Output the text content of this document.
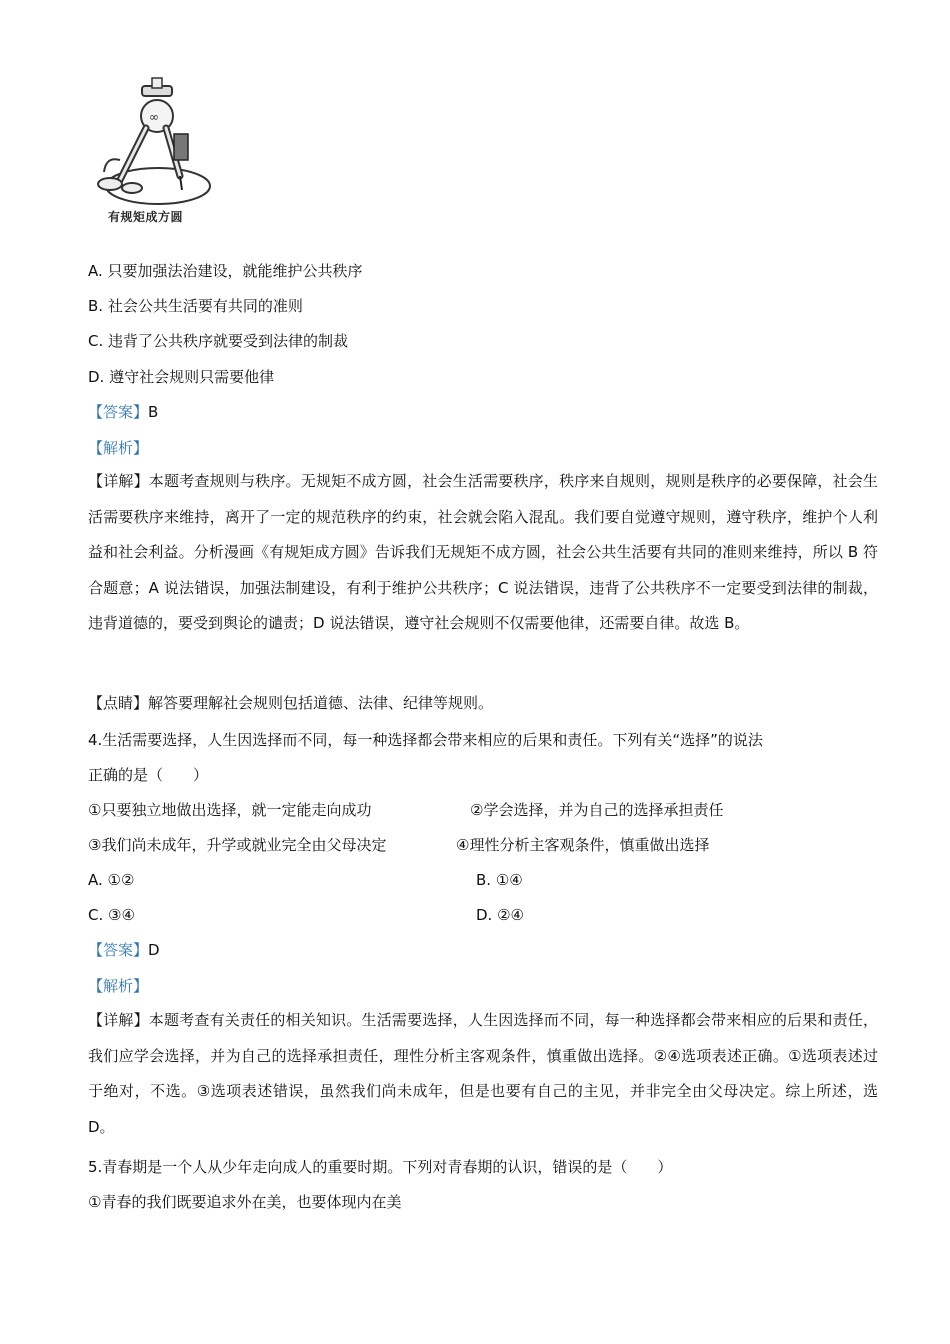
∞
有规矩成方圆
A. 只要加强法治建设，就能维护公共秩序
B. 社会公共生活要有共同的准则
C. 违背了公共秩序就要受到法律的制裁
D. 遵守社会规则只需要他律
【答案】B
【解析】
【详解】本题考查规则与秩序。无规矩不成方圆，社会生活需要秩序，秩序来自规则，规则是秩序的必要保障，社会生活需要秩序来维持，离开了一定的规范秩序的约束，社会就会陷入混乱。我们要自觉遵守规则，遵守秩序，维护个人利益和社会利益。分析漫画《有规矩成方圆》告诉我们无规矩不成方圆，社会公共生活要有共同的准则来维持，所以 B 符合题意；A 说法错误，加强法制建设，有利于维护公共秩序；C 说法错误，违背了公共秩序不一定要受到法律的制裁，违背道德的，要受到舆论的谴责；D 说法错误，遵守社会规则不仅需要他律，还需要自律。故选 B。
【点睛】解答要理解社会规则包括道德、法律、纪律等规则。
4.生活需要选择，人生因选择而不同，每一种选择都会带来相应的后果和责任。下列有关“选择”的说法
正确的是（　　）
①只要独立地做出选择，就一定能走向成功	②学会选择，并为自己的选择承担责任
③我们尚未成年，升学或就业完全由父母决定	④理性分析主客观条件，慎重做出选择
A. ①②	B. ①④
C. ③④	D. ②④
【答案】D
【解析】
【详解】本题考查有关责任的相关知识。生活需要选择，人生因选择而不同，每一种选择都会带来相应的后果和责任，我们应学会选择，并为自己的选择承担责任，理性分析主客观条件，慎重做出选择。②④选项表述正确。①选项表述过于绝对，不选。③选项表述错误，虽然我们尚未成年，但是也要有自己的主见，并非完全由父母决定。综上所述，选 D。
5.青春期是一个人从少年走向成人的重要时期。下列对青春期的认识，错误的是（　　）
①青春的我们既要追求外在美，也要体现内在美
